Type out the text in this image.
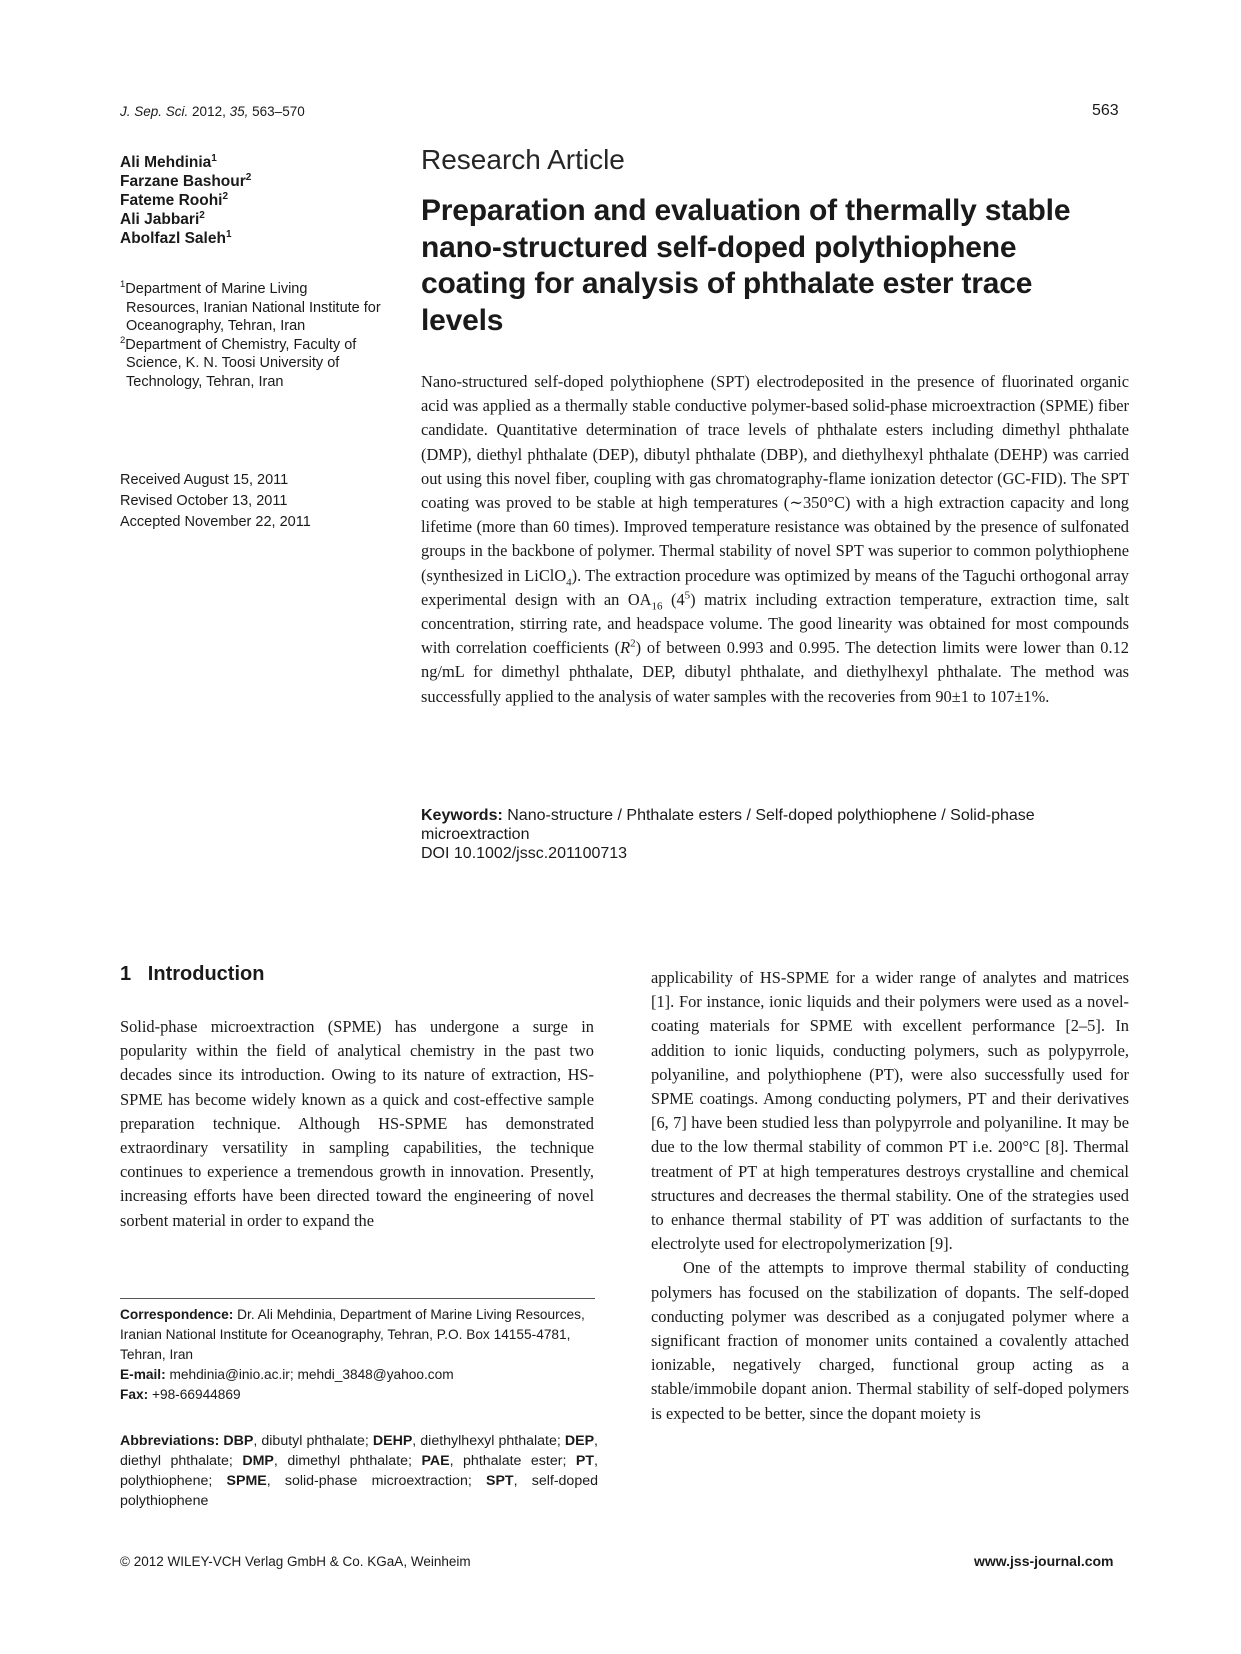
J. Sep. Sci. 2012, 35, 563–570	563
Ali Mehdinia$^1$
Farzane Bashour$^2$
Fateme Roohi$^2$
Ali Jabbari$^2$
Abolfazl Saleh$^1$
$^1$Department of Marine Living Resources, Iranian National Institute for Oceanography, Tehran, Iran
$^2$Department of Chemistry, Faculty of Science, K. N. Toosi University of Technology, Tehran, Iran
Received August 15, 2011
Revised October 13, 2011
Accepted November 22, 2011
Research Article
Preparation and evaluation of thermally stable nano-structured self-doped polythiophene coating for analysis of phthalate ester trace levels
Nano-structured self-doped polythiophene (SPT) electrodeposited in the presence of fluorinated organic acid was applied as a thermally stable conductive polymer-based solid-phase microextraction (SPME) fiber candidate. Quantitative determination of trace levels of phthalate esters including dimethyl phthalate (DMP), diethyl phthalate (DEP), dibutyl phthalate (DBP), and diethylhexyl phthalate (DEHP) was carried out using this novel fiber, coupling with gas chromatography-flame ionization detector (GC-FID). The SPT coating was proved to be stable at high temperatures (∼350°C) with a high extraction capacity and long lifetime (more than 60 times). Improved temperature resistance was obtained by the presence of sulfonated groups in the backbone of polymer. Thermal stability of novel SPT was superior to common polythiophene (synthesized in LiClO$_4$). The extraction procedure was optimized by means of the Taguchi orthogonal array experimental design with an $OA_{16}$ $(4^5)$ matrix including extraction temperature, extraction time, salt concentration, stirring rate, and headspace volume. The good linearity was obtained for most compounds with correlation coefficients $(R^2)$ of between 0.993 and 0.995. The detection limits were lower than 0.12 ng/mL for dimethyl phthalate, DEP, dibutyl phthalate, and diethylhexyl phthalate. The method was successfully applied to the analysis of water samples with the recoveries from 90±1 to 107±1%.
Keywords: Nano-structure / Phthalate esters / Self-doped polythiophene / Solid-phase microextraction
DOI 10.1002/jssc.201100713
1   Introduction
Solid-phase microextraction (SPME) has undergone a surge in popularity within the field of analytical chemistry in the past two decades since its introduction. Owing to its nature of extraction, HS-SPME has become widely known as a quick and cost-effective sample preparation technique. Although HS-SPME has demonstrated extraordinary versatility in sampling capabilities, the technique continues to experience a tremendous growth in innovation. Presently, increasing efforts have been directed toward the engineering of novel sorbent material in order to expand the

applicability of HS-SPME for a wider range of analytes and matrices [1]. For instance, ionic liquids and their polymers were used as a novel-coating materials for SPME with excellent performance [2–5]. In addition to ionic liquids, conducting polymers, such as polypyrrole, polyaniline, and polythiophene (PT), were also successfully used for SPME coatings. Among conducting polymers, PT and their derivatives [6, 7] have been studied less than polypyrrole and polyaniline. It may be due to the low thermal stability of common PT i.e. 200°C [8]. Thermal treatment of PT at high temperatures destroys crystalline and chemical structures and decreases the thermal stability. One of the strategies used to enhance thermal stability of PT was addition of surfactants to the electrolyte used for electropolymerization [9].

One of the attempts to improve thermal stability of conducting polymers has focused on the stabilization of dopants. The self-doped conducting polymer was described as a conjugated polymer where a significant fraction of monomer units contained a covalently attached ionizable, negatively charged, functional group acting as a stable/immobile dopant anion. Thermal stability of self-doped polymers is expected to be better, since the dopant moiety is

Correspondence: Dr. Ali Mehdinia, Department of Marine Living Resources, Iranian National Institute for Oceanography, Tehran, P.O. Box 14155-4781, Tehran, Iran
E-mail: mehdinia@inio.ac.ir; mehdi_3848@yahoo.com
Fax: +98-66944869
Abbreviations: DBP, dibutyl phthalate; DEHP, diethylhexyl phthalate; DEP, diethyl phthalate; DMP, dimethyl phthalate; PAE, phthalate ester; PT, polythiophene; SPME, solid-phase microextraction; SPT, self-doped polythiophene
© 2012 WILEY-VCH Verlag GmbH & Co. KGaA, Weinheim	www.jss-journal.com
